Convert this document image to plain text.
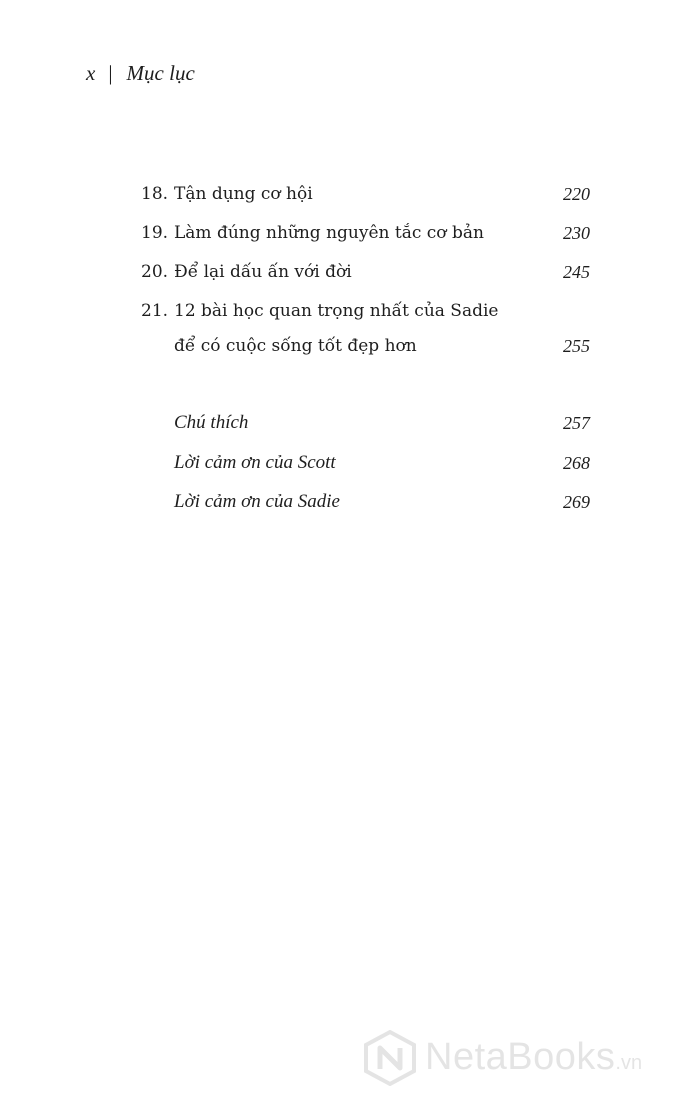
x | Mục lục
18. Tận dụng cơ hội	220
19. Làm đúng những nguyên tắc cơ bản	230
20. Để lại dấu ấn với đời	245
21. 12 bài học quan trọng nhất của Sadie
để có cuộc sống tốt đẹp hơn	255
Chú thích	257
Lời cảm ơn của Scott	268
Lời cảm ơn của Sadie	269
NetaBooks.vn
